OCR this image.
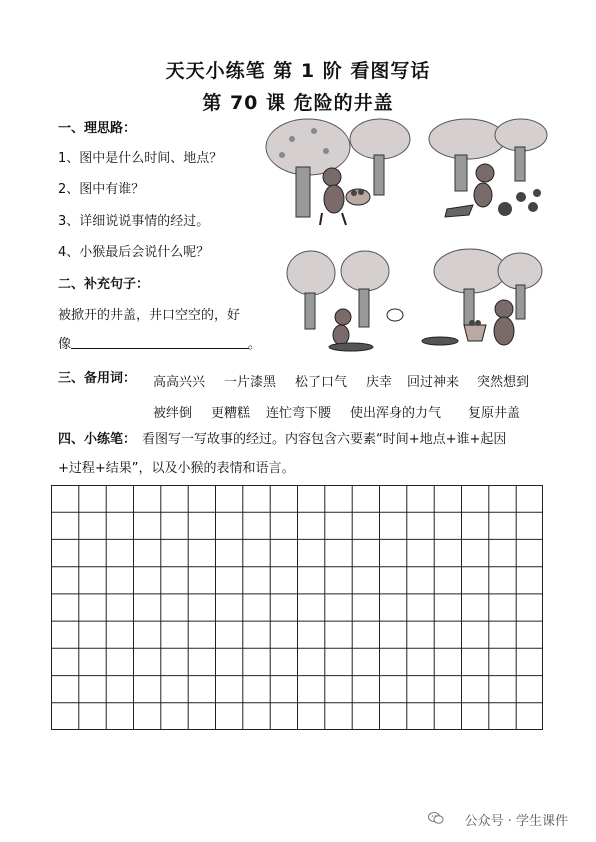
天天小练笔 第 1 阶 看图写话
第 70 课 危险的井盖
一、理思路：
1、图中是什么时间、地点？
2、图中有谁？
3、详细说说事情的经过。
4、小猴最后会说什么呢？
二、补充句子：
被掀开的井盖，井口空空的，好
像	。
三、备用词： 高高兴兴 一片漆黑 松了口气 庆幸 回过神来 突然想到
被绊倒 更糟糕 连忙弯下腰 使出浑身的力气 复原井盖
四、小练笔： 看图写一写故事的经过。内容包含六要素“时间+地点+谁+起因
+过程+结果”，以及小猴的表情和语言。
公众号 · 学生课件
